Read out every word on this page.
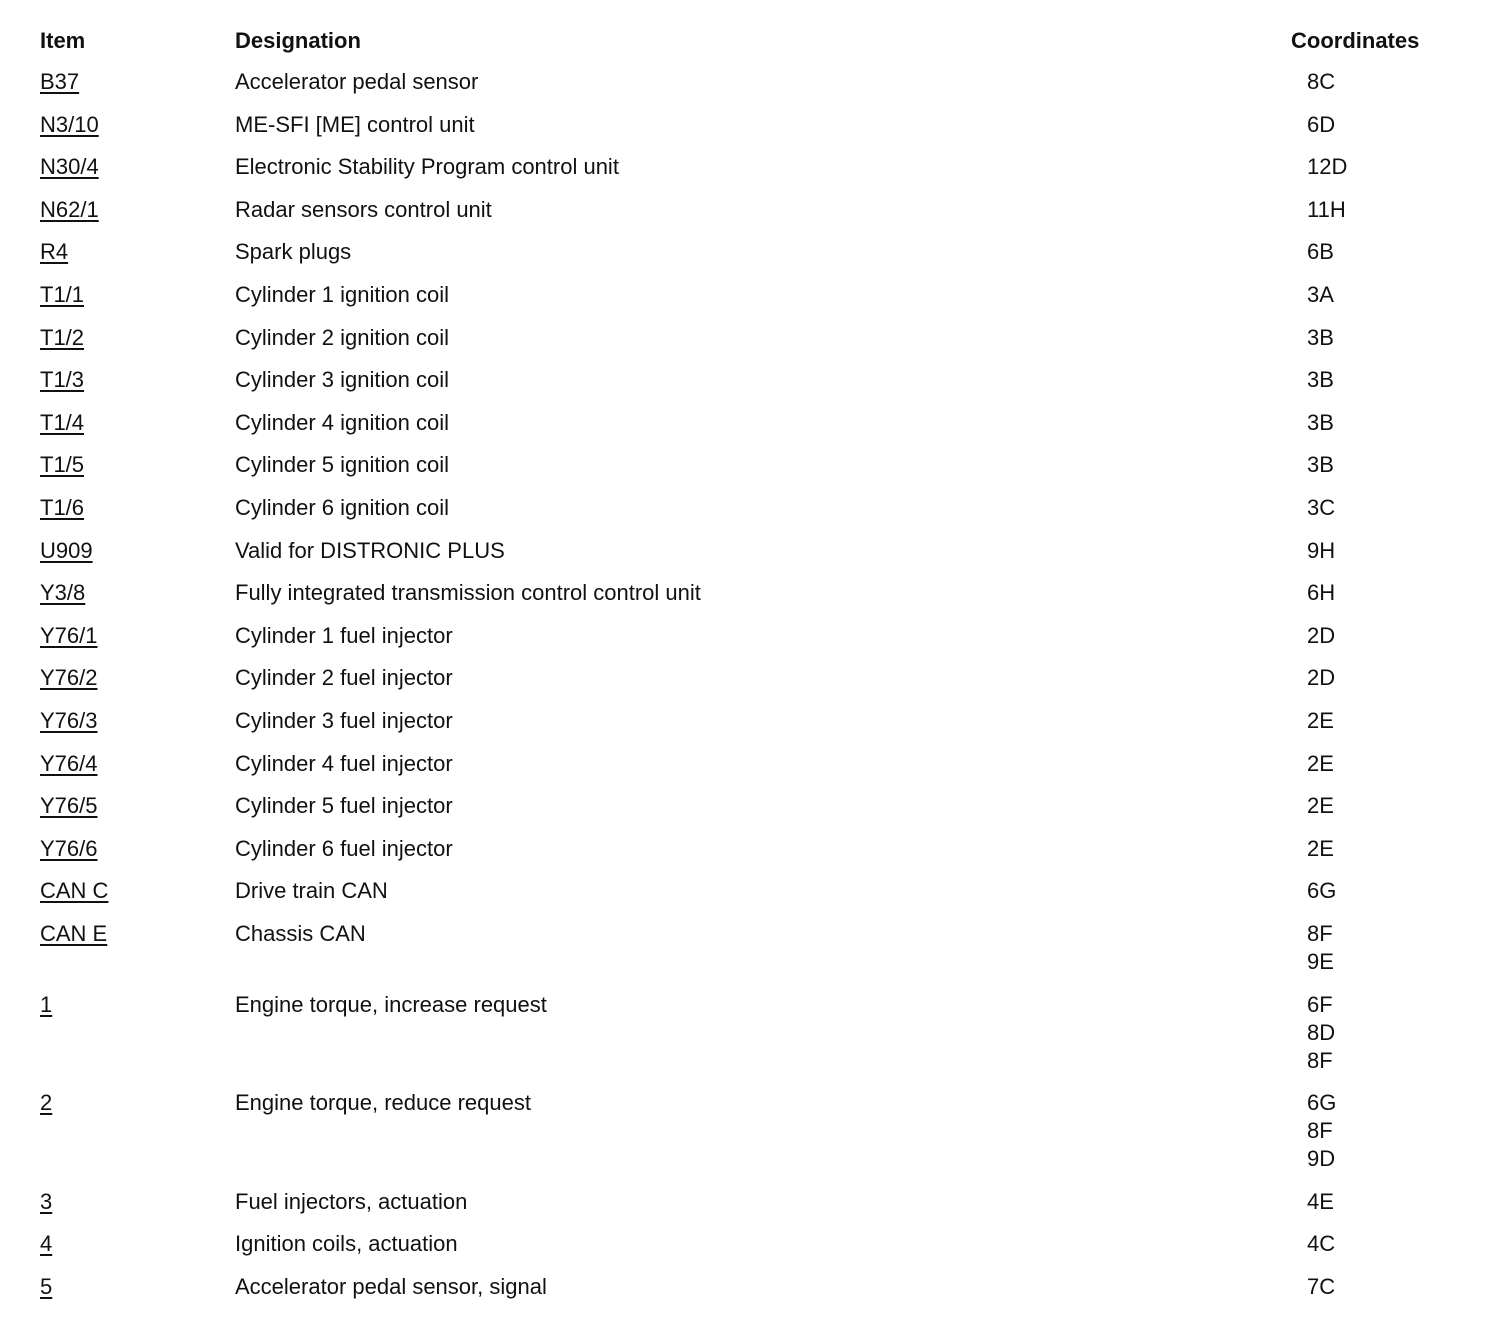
Item	Designation	Coordinates
B37	Accelerator pedal sensor	8C
N3/10	ME-SFI [ME] control unit	6D
N30/4	Electronic Stability Program control unit	12D
N62/1	Radar sensors control unit	11H
R4	Spark plugs	6B
T1/1	Cylinder 1 ignition coil	3A
T1/2	Cylinder 2 ignition coil	3B
T1/3	Cylinder 3 ignition coil	3B
T1/4	Cylinder 4 ignition coil	3B
T1/5	Cylinder 5 ignition coil	3B
T1/6	Cylinder 6 ignition coil	3C
U909	Valid for DISTRONIC PLUS	9H
Y3/8	Fully integrated transmission control control unit	6H
Y76/1	Cylinder 1 fuel injector	2D
Y76/2	Cylinder 2 fuel injector	2D
Y76/3	Cylinder 3 fuel injector	2E
Y76/4	Cylinder 4 fuel injector	2E
Y76/5	Cylinder 5 fuel injector	2E
Y76/6	Cylinder 6 fuel injector	2E
CAN C	Drive train CAN	6G
CAN E	Chassis CAN	8F
9E
1	Engine torque, increase request	6F
8D
8F
2	Engine torque, reduce request	6G
8F
9D
3	Fuel injectors, actuation	4E
4	Ignition coils, actuation	4C
5	Accelerator pedal sensor, signal	7C
